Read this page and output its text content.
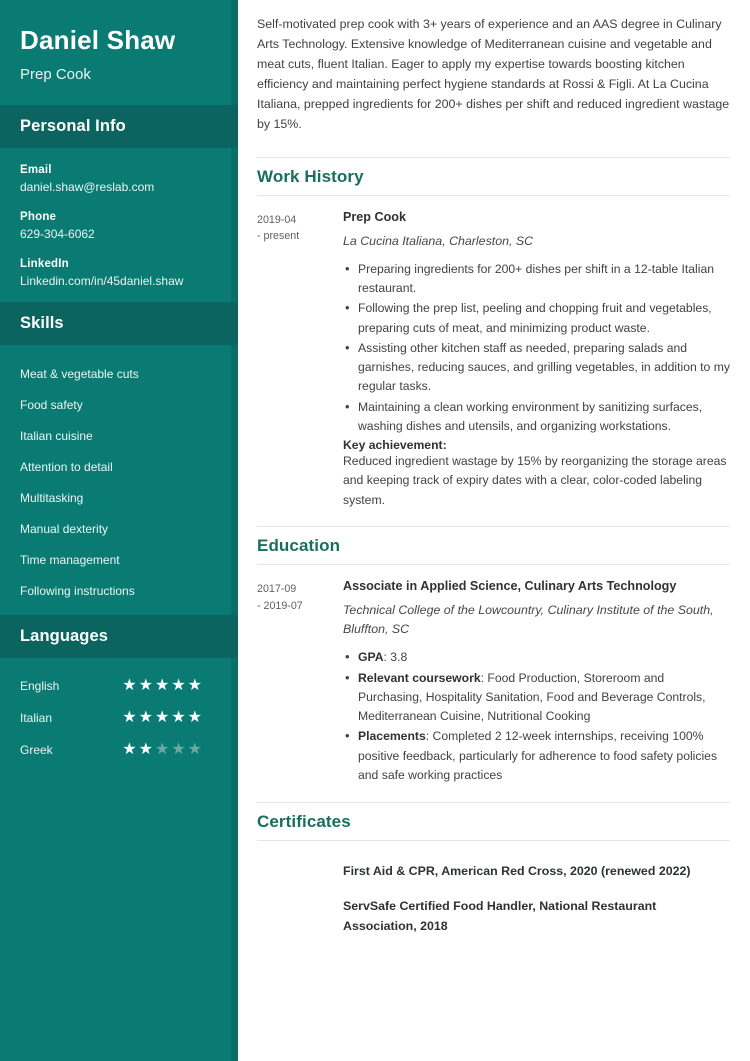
Daniel Shaw
Prep Cook
Personal Info
Email
daniel.shaw@reslab.com
Phone
629-304-6062
LinkedIn
Linkedin.com/in/45daniel.shaw
Skills
Meat & vegetable cuts
Food safety
Italian cuisine
Attention to detail
Multitasking
Manual dexterity
Time management
Following instructions
Languages
English	★ ★ ★ ★ ★
Italian	★ ★ ★ ★ ★
Greek	★ ★ ★ ★ ★

Self-motivated prep cook with 3+ years of experience and an AAS degree in Culinary Arts Technology. Extensive knowledge of Mediterranean cuisine and vegetable and meat cuts, fluent Italian. Eager to apply my expertise towards boosting kitchen efficiency and maintaining perfect hygiene standards at Rossi & Figli. At La Cucina Italiana, prepped ingredients for 200+ dishes per shift and reduced ingredient wastage by 15%.

Work History
2019-04
- present
Prep Cook
La Cucina Italiana, Charleston, SC
• Preparing ingredients for 200+ dishes per shift in a 12-table Italian restaurant.
• Following the prep list, peeling and chopping fruit and vegetables, preparing cuts of meat, and minimizing product waste.
• Assisting other kitchen staff as needed, preparing salads and garnishes, reducing sauces, and grilling vegetables, in addition to my regular tasks.
• Maintaining a clean working environment by sanitizing surfaces, washing dishes and utensils, and organizing workstations.
Key achievement:
Reduced ingredient wastage by 15% by reorganizing the storage areas and keeping track of expiry dates with a clear, color-coded labeling system.
Education
2017-09
- 2019-07
Associate in Applied Science, Culinary Arts Technology
Technical College of the Lowcountry, Culinary Institute of the South, Bluffton, SC
• GPA: 3.8
• Relevant coursework: Food Production, Storeroom and Purchasing, Hospitality Sanitation, Food and Beverage Controls, Mediterranean Cuisine, Nutritional Cooking
• Placements: Completed 2 12-week internships, receiving 100% positive feedback, particularly for adherence to food safety policies and safe working practices
Certificates
First Aid & CPR, American Red Cross, 2020 (renewed 2022)
ServSafe Certified Food Handler, National Restaurant Association, 2018
